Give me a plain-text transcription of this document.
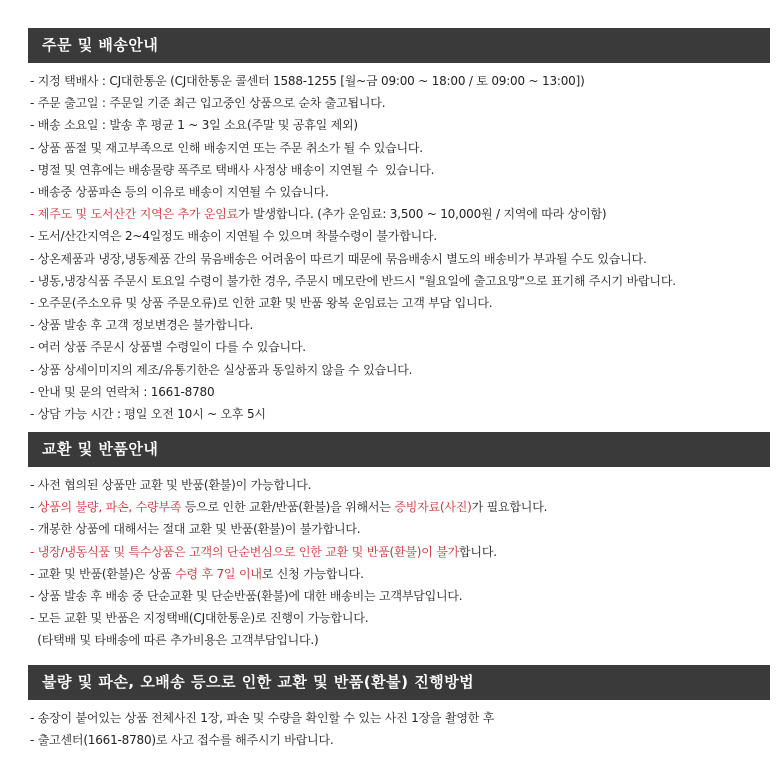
주문 및 배송안내
- 지정 택배사 : CJ대한통운 (CJ대한통운 콜센터 1588-1255 [월~금 09:00 ~ 18:00 / 토 09:00 ~ 13:00])
- 주문 출고일 : 주문일 기준 최근 입고중인 상품으로 순차 출고됩니다.
- 배송 소요일 : 발송 후 평균 1 ~ 3일 소요(주말 및 공휴일 제외)
- 상품 품절 및 재고부족으로 인해 배송지연 또는 주문 취소가 될 수 있습니다.
- 명절 및 연휴에는 배송물량 폭주로 택배사 사정상 배송이 지연될 수  있습니다.
- 배송중 상품파손 등의 이유로 배송이 지연될 수 있습니다.
- 제주도 및 도서산간 지역은 추가 운임료가 발생합니다. (추가 운임료: 3,500 ~ 10,000원 / 지역에 따라 상이함)
- 도서/산간지역은 2~4일정도 배송이 지연될 수 있으며 착불수령이 불가합니다.
- 상온제품과 냉장,냉동제품 간의 묶음배송은 어려움이 따르기 때문에 묶음배송시 별도의 배송비가 부과될 수도 있습니다.
- 냉동,냉장식품 주문시 토요일 수령이 불가한 경우, 주문시 메모란에 반드시 "월요일에 출고요망"으로 표기해 주시기 바랍니다.
- 오주문(주소오류 및 상품 주문오류)로 인한 교환 및 반품 왕복 운임료는 고객 부담 입니다.
- 상품 발송 후 고객 정보변경은 불가합니다.
- 여러 상품 주문시 상품별 수령일이 다를 수 있습니다.
- 상품 상세이미지의 제조/유통기한은 실상품과 동일하지 않을 수 있습니다.
- 안내 및 문의 연락처 : 1661-8780
- 상담 가능 시간 : 평일 오전 10시 ~ 오후 5시
교환 및 반품안내
- 사전 협의된 상품만 교환 및 반품(환불)이 가능합니다.
- 상품의 불량, 파손, 수량부족 등으로 인한 교환/반품(환불)을 위해서는 증빙자료(사진)가 필요합니다.
- 개봉한 상품에 대해서는 절대 교환 및 반품(환불)이 불가합니다.
- 냉장/냉동식품 및 특수상품은 고객의 단순변심으로 인한 교환 및 반품(환불)이 불가합니다.
- 교환 및 반품(환불)은 상품 수령 후 7일 이내로 신청 가능합니다.
- 상품 발송 후 배송 중 단순교환 및 단순반품(환불)에 대한 배송비는 고객부담입니다.
- 모든 교환 및 반품은 지정택배(CJ대한통운)로 진행이 가능합니다.
(타택배 및 타배송에 따른 추가비용은 고객부담입니다.)
불량 및 파손, 오배송 등으로 인한 교환 및 반품(환불) 진행방법
- 송장이 붙어있는 상품 전체사진 1장, 파손 및 수량을 확인할 수 있는 사진 1장을 촬영한 후
- 출고센터(1661-8780)로 사고 접수를 해주시기 바랍니다.
